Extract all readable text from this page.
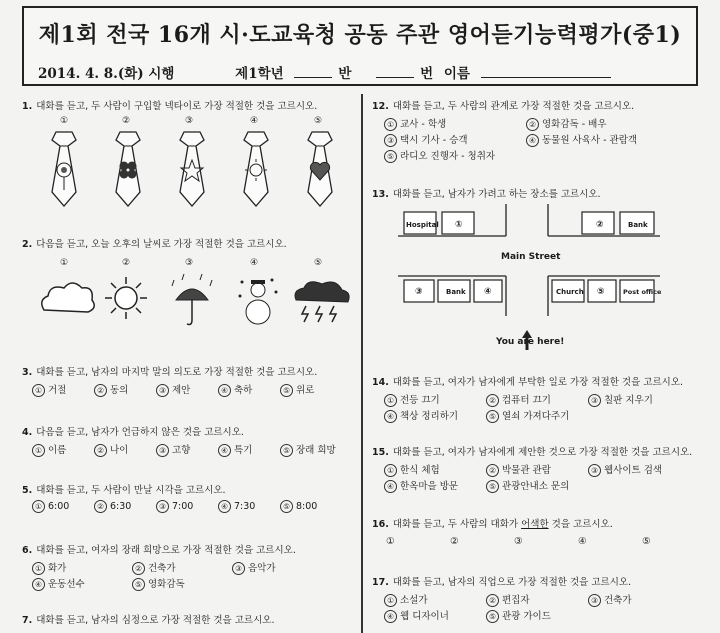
제1회 전국 16개 시·도교육청 공동 주관 영어듣기능력평가(중1)
2014. 4. 8.(화) 시행	제1학년	반	번 이름
1. 대화를 듣고, 두 사람이 구입할 넥타이로 가장 적절한 것을 고르시오.
①	②	③	④	⑤
2. 다음을 듣고, 오늘 오후의 날씨로 가장 적절한 것을 고르시오.
①	②	③	④	⑤
3. 대화를 듣고, 남자의 마지막 말의 의도로 가장 적절한 것을 고르시오.
① 거절	② 동의	③ 제안	④ 축하	⑤ 위로
4. 다음을 듣고, 남자가 언급하지 않은 것을 고르시오.
① 이름	② 나이	③ 고향	④ 특기	⑤ 장래 희망
5. 대화를 듣고, 두 사람이 만날 시각을 고르시오.
① 6:00	② 6:30	③ 7:00	④ 7:30	⑤ 8:00
6. 대화를 듣고, 여자의 장래 희망으로 가장 적절한 것을 고르시오.
① 화가	② 건축가	③ 음악가
④ 운동선수	⑤ 영화감독
7. 대화를 듣고, 남자의 심정으로 가장 적절한 것을 고르시오.
12. 대화를 듣고, 두 사람의 관계로 가장 적절한 것을 고르시오.
① 교사 - 학생	② 영화감독 - 배우
③ 택시 기사 - 승객	④ 동물원 사육사 - 관람객
⑤ 라디오 진행자 - 청취자
13. 대화를 듣고, 남자가 가려고 하는 장소를 고르시오.
Hospital ①	②	Bank
Main Street
③	Bank ④	Church ⑤	Post office
You are here!
14. 대화를 듣고, 여자가 남자에게 부탁한 일로 가장 적절한 것을 고르시오.
① 전등 끄기	② 컴퓨터 끄기	③ 칠판 지우기
④ 책상 정리하기	⑤ 열쇠 가져다주기
15. 대화를 듣고, 여자가 남자에게 제안한 것으로 가장 적절한 것을 고르시오.
① 한식 체험	② 박물관 관람	③ 웹사이트 검색
④ 한옥마을 방문	⑤ 관광안내소 문의
16. 대화를 듣고, 두 사람의 대화가 어색한 것을 고르시오.
①	②	③	④	⑤
17. 대화를 듣고, 남자의 직업으로 가장 적절한 것을 고르시오.
① 소설가	② 편집자	③ 건축가
④ 웹 디자이너	⑤ 관광 가이드
